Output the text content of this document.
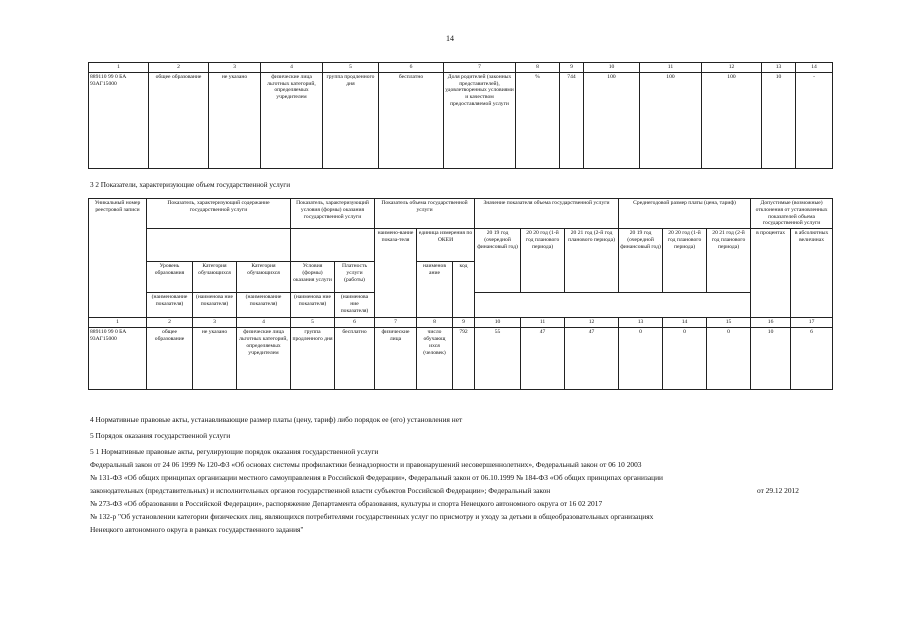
14
1	2	3	4	5	6	7	8	9	10	11	12	13	14
889110 99 0 БА 93АГ15000	общее образование	не указано	физические лица льготных категорий, определяемых учредителем	группа продленного дня	бесплатно	Доля родителей (законных представителей), удовлетворенных условиями и качеством предоставляемой услуги	%	744	100	100	100	10	-
3 2 Показатели, характеризующие объем государственной услуги
Уникальный номер реестровой записи	Показатель, характеризующий содержание государственной услуги			Показатель, характеризующий условия (формы) оказания государственной услуги		Показатель объема государственной услуги			Значение показателя объема государственной услуги			Среднегодовой размер платы (цена, тариф)			Допустимые (возможные) отклонения от установленных показателей объема государственной услуги	
						наимено-вание показа-теля	единица измерения по ОКЕИ		20 19 год (очередной финансовый год)	20 20 год (1-й год планового периода)	20 21 год (2-й год планового периода)	20 19 год (очередной финансовый год)	20 20 год (1-й год планового периода)	20 21 год (2-й год планового периода)	в процентах	в абсолютных величинах
	Уровень образования	Категория обучающихся	Категория обучающихся	Условия (формы) оказания услуги	Платность услуги (работы)		наименов ание	код								
	(наименование показателя)	(наименова ние показателя)	(наименование показателя)	(наименова ние показателя)	(наименова ние показателя)											
1	2	3	4	5	6	7	8	9	10	11	12	13	14	15	16	17
889110 99 0 БА 93АГ15000	общее образование	не указано	физические лица льготных категорий, определяемых учредителем	группа продленного дня	бесплатно	физические лица	число обучающ ихся (человек)	792	55	47	47	0	0	0	10	6
4 Нормативные правовые акты, устанавливающие размер платы (цену, тариф) либо порядок ее (его) установления нет
5 Порядок оказания государственной услуги
5 1 Нормативные правовые акты, регулирующие порядок оказания государственной услуги
Федеральный закон от 24 06 1999 № 120-ФЗ «Об основах системы профилактики безнадзорности и правонарушений несовершеннолетних», Федеральный закон от 06 10 2003
№ 131-ФЗ «Об общих принципах организации местного самоуправления в Российской Федерации», Федеральный закон от 06.10.1999 № 184-ФЗ «Об общих принципах организации
законодательных (представительных) и исполнительных органов государственной власти субъектов Российской Федерации»; Федеральный закон	от 29.12 2012
№ 273-ФЗ «Об образовании в Российской Федерации», распоряжение Департамента образования, культуры и спорта Ненецкого автономного округа от 16 02 2017
№ 132-р "Об установлении категории физических лиц, являющихся потребителями государственных услуг по присмотру и уходу за детьми в общеобразовательных организациях
Ненецкого автономного округа в рамках государственного задания"
